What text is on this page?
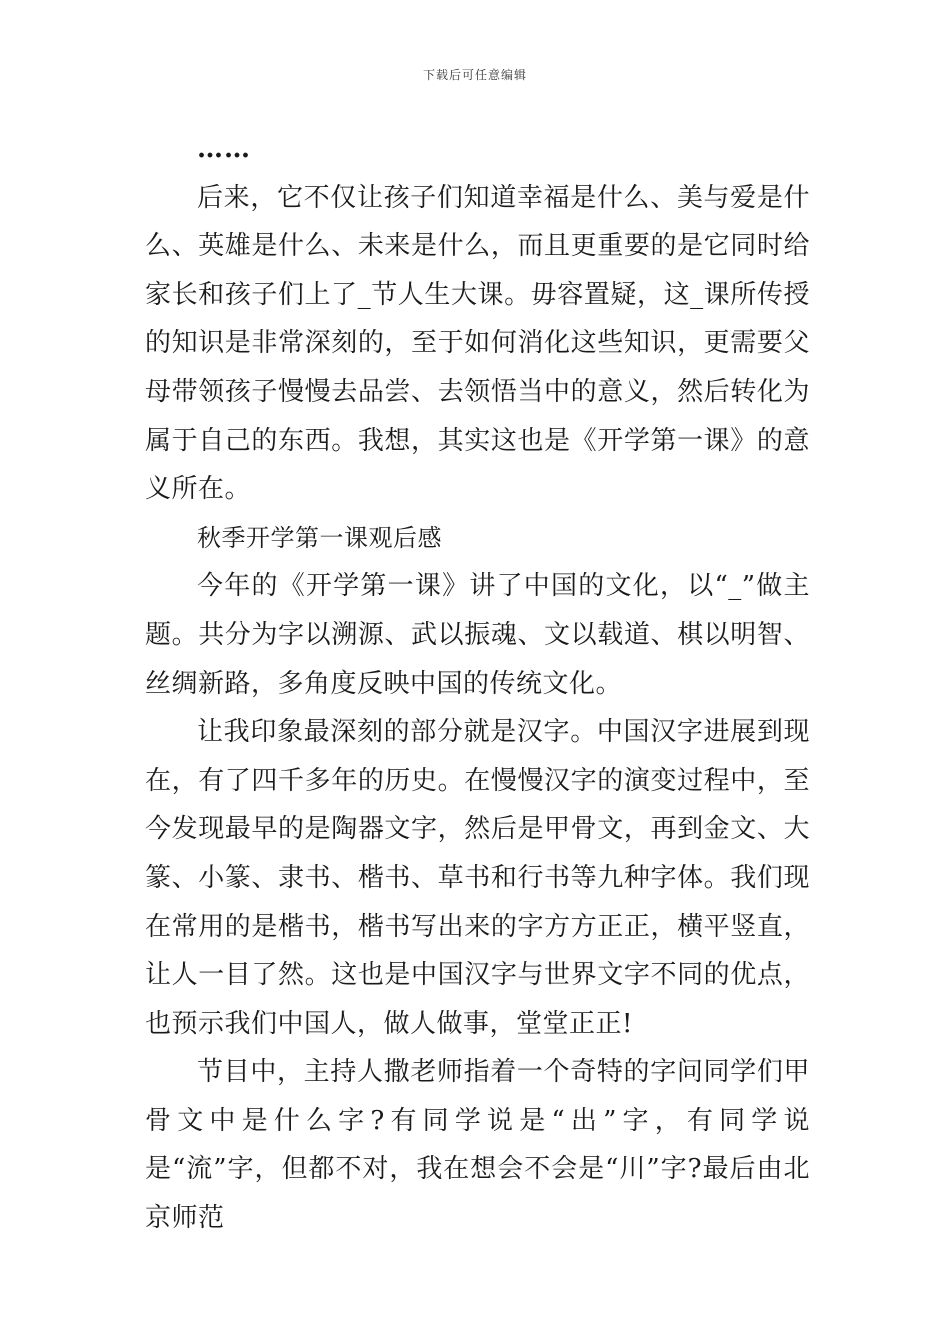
下载后可任意编辑

……

后来，它不仅让孩子们知道幸福是什么、美与爱是什么、英雄是什么、未来是什么，而且更重要的是它同时给家长和孩子们上了_节人生大课。毋容置疑，这_课所传授的知识是非常深刻的，至于如何消化这些知识，更需要父母带领孩子慢慢去品尝、去领悟当中的意义，然后转化为属于自己的东西。我想，其实这也是《开学第一课》的意义所在。

秋季开学第一课观后感

今年的《开学第一课》讲了中国的文化，以“_”做主题。共分为字以溯源、武以振魂、文以载道、棋以明智、丝绸新路，多角度反映中国的传统文化。

让我印象最深刻的部分就是汉字。中国汉字进展到现在，有了四千多年的历史。在慢慢汉字的演变过程中，至今发现最早的是陶器文字，然后是甲骨文，再到金文、大篆、小篆、隶书、楷书、草书和行书等九种字体。我们现在常用的是楷书，楷书写出来的字方方正正，横平竖直，让人一目了然。这也是中国汉字与世界文字不同的优点，也预示我们中国人，做人做事，堂堂正正!

节目中，主持人撒老师指着一个奇特的字问同学们甲骨文中是什么字?有同学说是“出”字，有同学说是“流”字，但都不对，我在想会不会是“川”字?最后由北京师范
